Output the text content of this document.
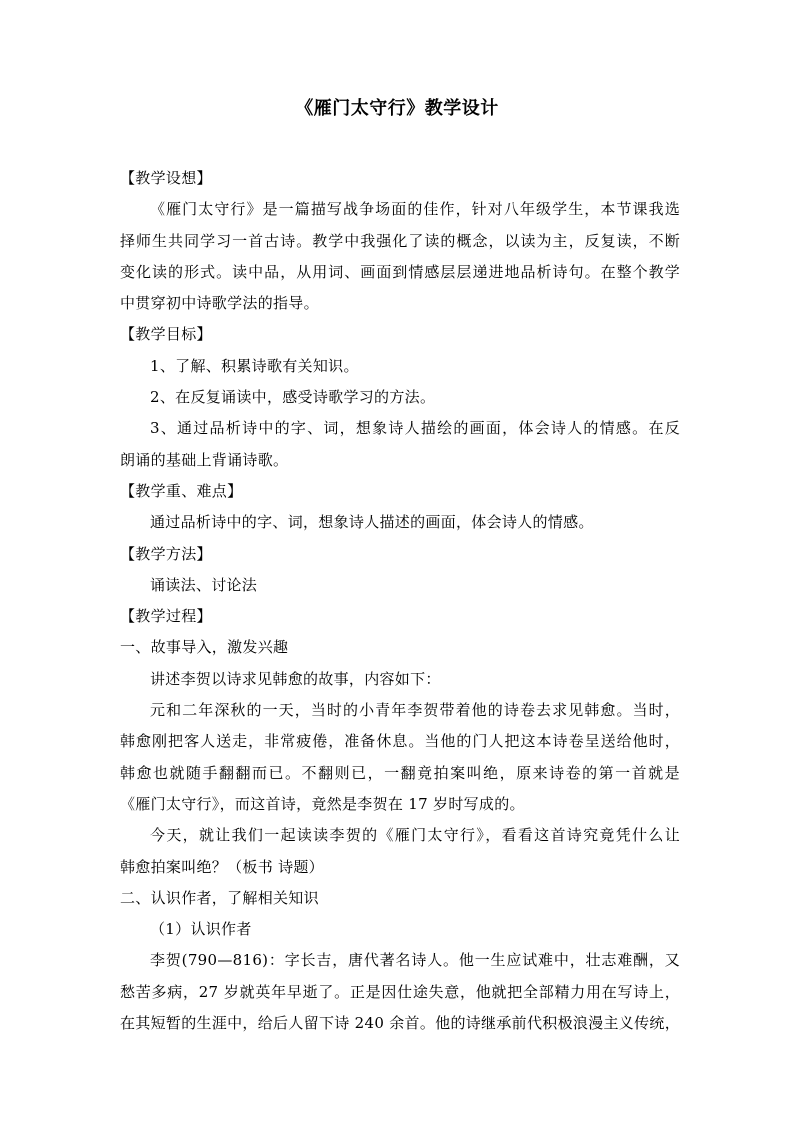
《雁门太守行》教学设计

【教学设想】

《雁门太守行》是一篇描写战争场面的佳作，针对八年级学生，本节课我选

择师生共同学习一首古诗。教学中我强化了读的概念，以读为主，反复读，不断

变化读的形式。读中品，从用词、画面到情感层层递进地品析诗句。在整个教学

中贯穿初中诗歌学法的指导。

【教学目标】

1、了解、积累诗歌有关知识。

2、在反复诵读中，感受诗歌学习的方法。

3、通过品析诗中的字、词，想象诗人描绘的画面，体会诗人的情感。在反

朗诵的基础上背诵诗歌。

【教学重、难点】

通过品析诗中的字、词，想象诗人描述的画面，体会诗人的情感。

【教学方法】

诵读法、讨论法

【教学过程】

一、故事导入，激发兴趣

讲述李贺以诗求见韩愈的故事，内容如下：

元和二年深秋的一天，当时的小青年李贺带着他的诗卷去求见韩愈。当时，

韩愈刚把客人送走，非常疲倦，准备休息。当他的门人把这本诗卷呈送给他时，

韩愈也就随手翻翻而已。不翻则已，一翻竟拍案叫绝，原来诗卷的第一首就是

《雁门太守行》，而这首诗，竟然是李贺在 17 岁时写成的。

今天，就让我们一起读读李贺的《雁门太守行》，看看这首诗究竟凭什么让

韩愈拍案叫绝？（板书 诗题）

二、认识作者，了解相关知识

（1）认识作者

李贺(790—816)：字长吉，唐代著名诗人。他一生应试难中，壮志难酬，又

愁苦多病，27 岁就英年早逝了。正是因仕途失意，他就把全部精力用在写诗上，

在其短暂的生涯中，给后人留下诗 240 余首。他的诗继承前代积极浪漫主义传统，
